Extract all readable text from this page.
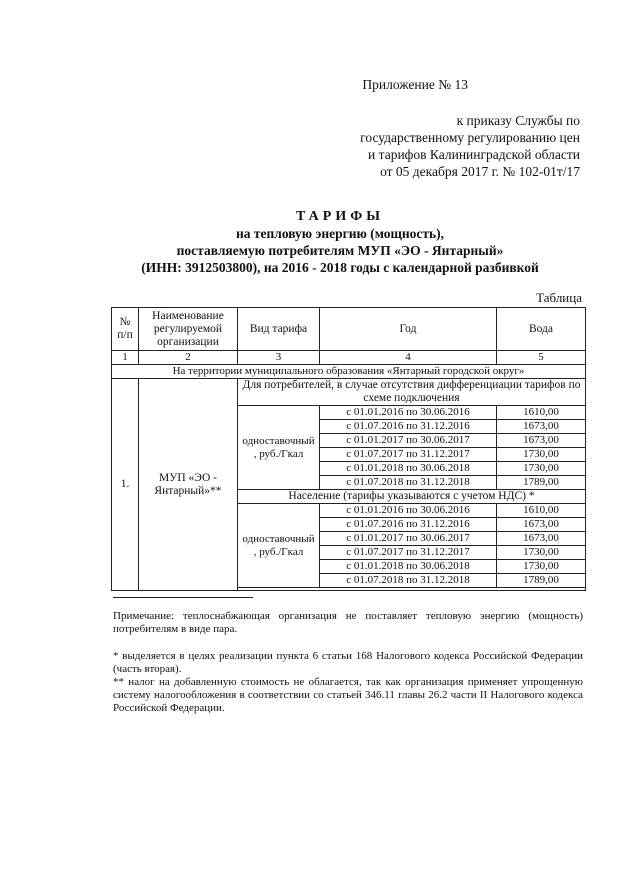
Приложение № 13
к приказу Службы по
государственному регулированию цен
и тарифов Калининградской области
от 05 декабря 2017 г. № 102-01т/17
ТАРИФЫ
на тепловую энергию (мощность),
поставляемую потребителям МУП «ЭО - Янтарный»
(ИНН: 3912503800), на 2016 - 2018 годы с календарной разбивкой
Таблица
№ п/п	Наименование регулируемой организации	Вид тарифа	Год	Вода
1	2	3	4	5
На территории муниципального образования «Янтарный городской округ»				
1.	МУП «ЭО - Янтарный»**	Для потребителей, в случае отсутствия дифференциации тарифов по схеме подключения		
		одноставочный , руб./Гкал	с 01.01.2016 по 30.06.2016	1610,00
			с 01.07.2016 по 31.12.2016	1673,00
			с 01.01.2017 по 30.06.2017	1673,00
			с 01.07.2017 по 31.12.2017	1730,00
			с 01.01.2018 по 30.06.2018	1730,00
			с 01.07.2018 по 31.12.2018	1789,00
		Население (тарифы указываются с учетом НДС) *		
		одноставочный , руб./Гкал	с 01.01.2016 по 30.06.2016	1610,00
			с 01.07.2016 по 31.12.2016	1673,00
			с 01.01.2017 по 30.06.2017	1673,00
			с 01.07.2017 по 31.12.2017	1730,00
			с 01.01.2018 по 30.06.2018	1730,00
			с 01.07.2018 по 31.12.2018	1789,00

Примечание: теплоснабжающая организация не поставляет тепловую энергию (мощность) потребителям в виде пара.
* выделяется в целях реализации пункта 6 статьи 168 Налогового кодекса Российской Федерации (часть вторая).
** налог на добавленную стоимость не облагается, так как организация применяет упрощенную систему налогообложения в соответствии со статьей 346.11 главы 26.2 части II Налогового кодекса Российской Федерации.
